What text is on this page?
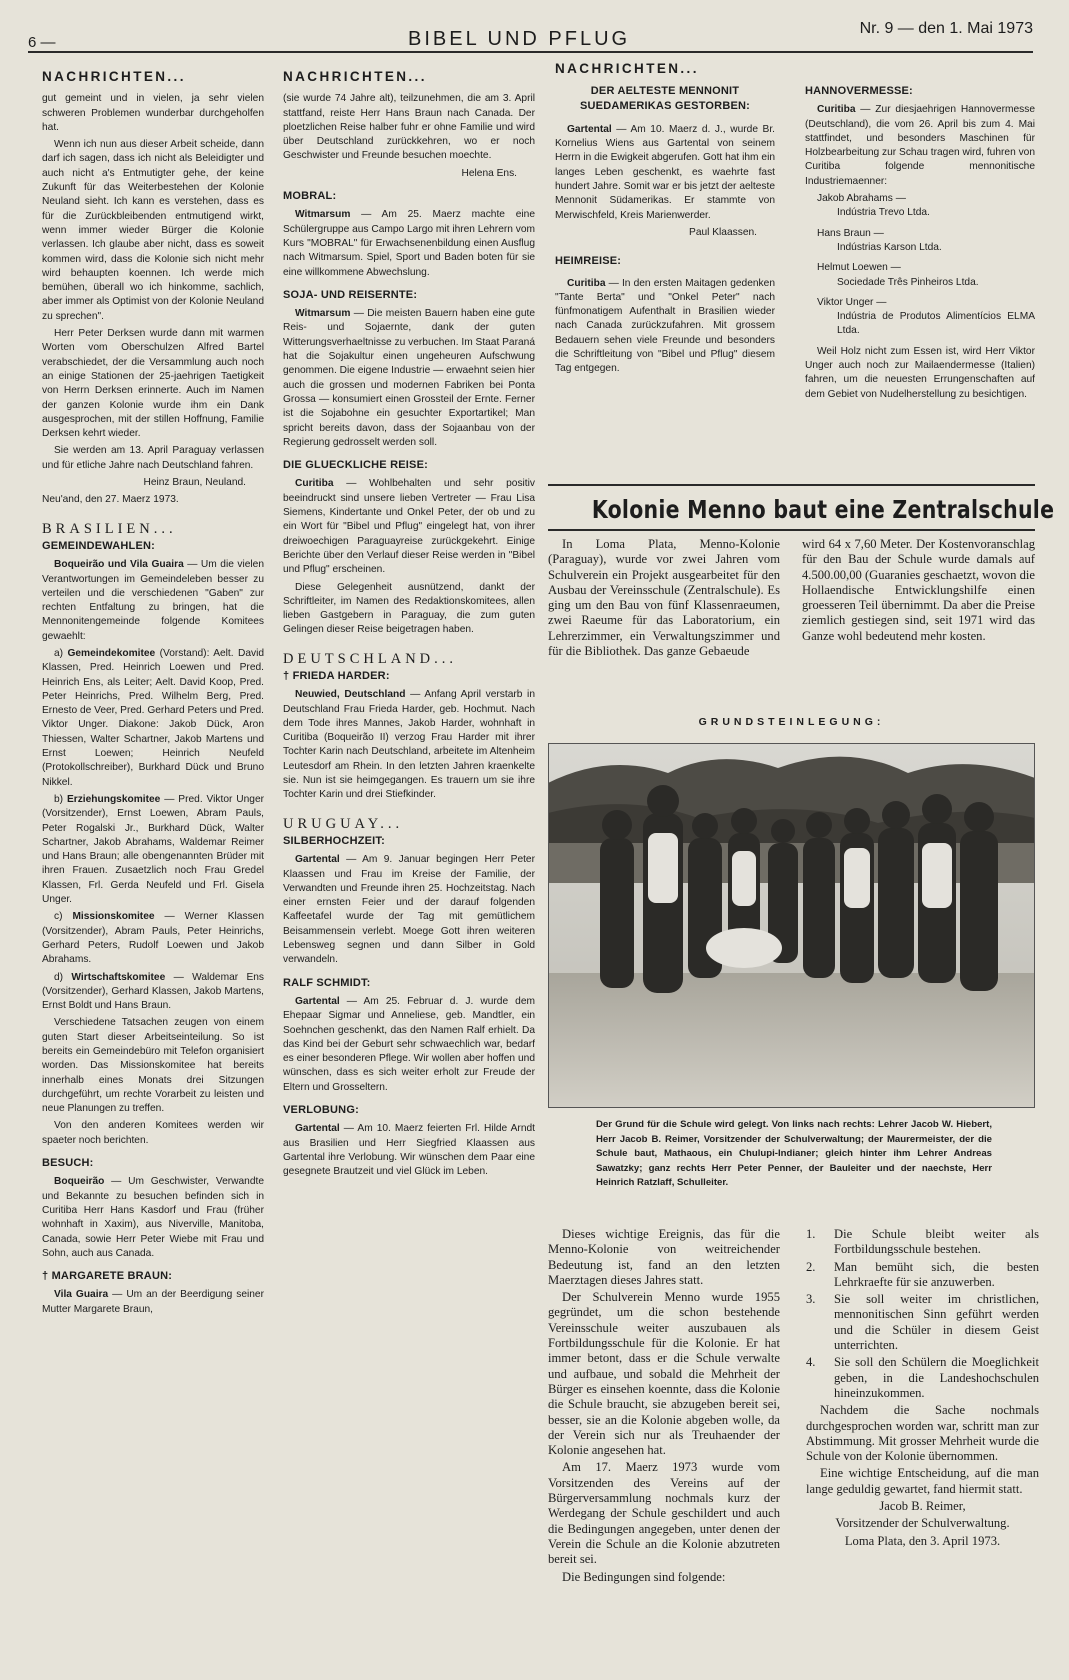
6 —	BIBEL UND PFLUG	Nr. 9 — den 1. Mai 1973
NACHRICHTEN...

gut gemeint und in vielen, ja sehr vielen schweren Problemen wunderbar durchgeholfen hat.

Wenn ich nun aus dieser Arbeit scheide, dann darf ich sagen, dass ich nicht als Beleidigter und auch nicht a's Entmutigter gehe, der keine Zukunft für das Weiterbestehen der Kolonie Neuland sieht. Ich kann es verstehen, dass es für die Zurückbleibenden entmutigend wirkt, wenn immer wieder Bürger die Kolonie verlassen. Ich glaube aber nicht, dass es soweit kommen wird, dass die Kolonie sich nicht mehr wird behaupten koennen. Ich werde mich bemühen, überall wo ich hinkomme, sachlich, aber immer als Optimist von der Kolonie Neuland zu sprechen".

Herr Peter Derksen wurde dann mit warmen Worten vom Oberschulzen Alfred Bartel verabschiedet, der die Versammlung auch noch an einige Stationen der 25-jaehrigen Taetigkeit von Herrn Derksen erinnerte. Auch im Namen der ganzen Kolonie wurde ihm ein Dank ausgesprochen, mit der stillen Hoffnung, Familie Derksen kehrt wieder.

Sie werden am 13. April Paraguay verlassen und für etliche Jahre nach Deutschland fahren.

Heinz Braun, Neuland.

Neu'and, den 27. Maerz 1973.

BRASILIEN...
GEMEINDEWAHLEN:

Boqueirão und Vila Guaira — Um die vielen Verantwortungen im Gemeindeleben besser zu verteilen und die verschiedenen "Gaben" zur rechten Entfaltung zu bringen, hat die Mennonitengemeinde folgende Komitees gewaehlt:

a) Gemeindekomitee (Vorstand): Aelt. David Klassen, Pred. Heinrich Loewen und Pred. Heinrich Ens, als Leiter; Aelt. David Koop, Pred. Peter Heinrichs, Pred. Wilhelm Berg, Pred. Ernesto de Veer, Pred. Gerhard Peters und Pred. Viktor Unger. Diakone: Jakob Dück, Aron Thiessen, Walter Schartner, Jakob Martens und Ernst Loewen; Heinrich Neufeld (Protokollschreiber), Burkhard Dück und Bruno Nikkel.

b) Erziehungskomitee — Pred. Viktor Unger (Vorsitzender), Ernst Loewen, Abram Pauls, Peter Rogalski Jr., Burkhard Dück, Walter Schartner, Jakob Abrahams, Waldemar Reimer und Hans Braun; alle obengenannten Brüder mit ihren Frauen. Zusaetzlich noch Frau Gredel Klassen, Frl. Gerda Neufeld und Frl. Gisela Unger.

c) Missionskomitee — Werner Klassen (Vorsitzender), Abram Pauls, Peter Heinrichs, Gerhard Peters, Rudolf Loewen und Jakob Abrahams.

d) Wirtschaftskomitee — Waldemar Ens (Vorsitzender), Gerhard Klassen, Jakob Martens, Ernst Boldt und Hans Braun.

Verschiedene Tatsachen zeugen von einem guten Start dieser Arbeitseinteilung. So ist bereits ein Gemeindebüro mit Telefon organisiert worden. Das Missionskomitee hat bereits innerhalb eines Monats drei Sitzungen durchgeführt, um rechte Vorarbeit zu leisten und neue Planungen zu treffen.

Von den anderen Komitees werden wir spaeter noch berichten.

BESUCH:

Boqueirão — Um Geschwister, Verwandte und Bekannte zu besuchen befinden sich in Curitiba Herr Hans Kasdorf und Frau (früher wohnhaft in Xaxim), aus Niverville, Manitoba, Canada, sowie Herr Peter Wiebe mit Frau und Sohn, auch aus Canada.

† MARGARETE BRAUN:

Vila Guaira — Um an der Beerdigung seiner Mutter Margarete Braun,

NACHRICHTEN...

(sie wurde 74 Jahre alt), teilzunehmen, die am 3. April stattfand, reiste Herr Hans Braun nach Canada. Der ploetzlichen Reise halber fuhr er ohne Familie und wird über Deutschland zurückkehren, wo er noch Geschwister und Freunde besuchen moechte.

Helena Ens.

MOBRAL:

Witmarsum — Am 25. Maerz machte eine Schülergruppe aus Campo Largo mit ihren Lehrern vom Kurs "MOBRAL" für Erwachsenenbildung einen Ausflug nach Witmarsum. Spiel, Sport und Baden boten für sie eine willkommene Abwechslung.

SOJA- UND REISERNTE:

Witmarsum — Die meisten Bauern haben eine gute Reis- und Sojaernte, dank der guten Witterungsverhaeltnisse zu verbuchen. Im Staat Paraná hat die Sojakultur einen ungeheuren Aufschwung genommen. Die eigene Industrie — erwaehnt seien hier auch die grossen und modernen Fabriken bei Ponta Grossa — konsumiert einen Grossteil der Ernte. Ferner ist die Sojabohne ein gesuchter Exportartikel; Man spricht bereits davon, dass der Sojaanbau von der Regierung gedrosselt werden soll.

DIE GLUECKLICHE REISE:

Curitiba — Wohlbehalten und sehr positiv beeindruckt sind unsere lieben Vertreter — Frau Lisa Siemens, Kindertante und Onkel Peter, der ob und zu ein Wort für "Bibel und Pflug" eingelegt hat, von ihrer dreiwoechigen Paraguayreise zurückgekehrt. Einige Berichte über den Verlauf dieser Reise werden in "Bibel und Pflug" erscheinen.

Diese Gelegenheit ausnützend, dankt der Schriftleiter, im Namen des Redaktionskomitees, allen lieben Gastgebern in Paraguay, die zum guten Gelingen dieser Reise beigetragen haben.

DEUTSCHLAND...
† FRIEDA HARDER:

Neuwied, Deutschland — Anfang April verstarb in Deutschland Frau Frieda Harder, geb. Hochmut. Nach dem Tode ihres Mannes, Jakob Harder, wohnhaft in Curitiba (Boqueirão II) verzog Frau Harder mit ihrer Tochter Karin nach Deutschland, arbeitete im Altenheim Leutesdorf am Rhein. In den letzten Jahren kraenkelte sie. Nun ist sie heimgegangen. Es trauern um sie ihre Tochter Karin und drei Stiefkinder.

URUGUAY...
SILBERHOCHZEIT:

Gartental — Am 9. Januar begingen Herr Peter Klaassen und Frau im Kreise der Familie, der Verwandten und Freunde ihren 25. Hochzeitstag. Nach einer ernsten Feier und der darauf folgenden Kaffeetafel wurde der Tag mit gemütlichem Beisammensein verlebt. Moege Gott ihren weiteren Lebensweg segnen und dann Silber in Gold verwandeln.

RALF SCHMIDT:

Gartental — Am 25. Februar d. J. wurde dem Ehepaar Sigmar und Anneliese, geb. Mandtler, ein Soehnchen geschenkt, das den Namen Ralf erhielt. Da das Kind bei der Geburt sehr schwaechlich war, bedarf es einer besonderen Pflege. Wir wollen aber hoffen und wünschen, dass es sich weiter erholt zur Freude der Eltern und Grosseltern.

VERLOBUNG:

Gartental — Am 10. Maerz feierten Frl. Hilde Arndt aus Brasilien und Herr Siegfried Klaassen aus Gartental ihre Verlobung. Wir wünschen dem Paar eine gesegnete Brautzeit und viel Glück im Leben.

NACHRICHTEN...
DER AELTESTE MENNONIT SUEDAMERIKAS GESTORBEN:

Gartental — Am 10. Maerz d. J., wurde Br. Kornelius Wiens aus Gartental von seinem Herrn in die Ewigkeit abgerufen. Gott hat ihm ein langes Leben geschenkt, es waehrte fast hundert Jahre. Somit war er bis jetzt der aelteste Mennonit Südamerikas. Er stammte von Merwischfeld, Kreis Marienwerder.

Paul Klaassen.

HEIMREISE:

Curitiba — In den ersten Maitagen gedenken "Tante Berta" und "Onkel Peter" nach fünfmonatigem Aufenthalt in Brasilien wieder nach Canada zurückzufahren. Mit grossem Bedauern sehen viele Freunde und besonders die Schriftleitung von "Bibel und Pflug" diesem Tag entgegen.

HANNOVERMESSE:

Curitiba — Zur diesjaehrigen Hannovermesse (Deutschland), die vom 26. April bis zum 4. Mai stattfindet, und besonders Maschinen für Holzbearbeitung zur Schau tragen wird, fuhren von Curitiba folgende mennonitische Industriemaenner:

Jakob Abrahams —

Indústria Trevo Ltda.

Hans Braun —

Indústrias Karson Ltda.

Helmut Loewen —

Sociedade Três Pinheiros Ltda.

Viktor Unger —

Indústria de Produtos Alimentícios ELMA Ltda.

Weil Holz nicht zum Essen ist, wird Herr Viktor Unger auch noch zur Mailaendermesse (Italien) fahren, um die neuesten Errungenschaften auf dem Gebiet von Nudelherstellung zu besichtigen.

Kolonie Menno baut eine Zentralschule

In Loma Plata, Menno-Kolonie (Paraguay), wurde vor zwei Jahren vom Schulverein ein Projekt ausgearbeitet für den Ausbau der Vereinsschule (Zentralschule). Es ging um den Bau von fünf Klassenraeumen, zwei Raeume für das Laboratorium, ein Lehrerzimmer, ein Verwaltungszimmer und für die Bibliothek. Das ganze Gebaeude

wird 64 x 7,60 Meter. Der Kostenvoranschlag für den Bau der Schule wurde damals auf 4.500.00,00 (Guaranies geschaetzt, wovon die Hollaendische Entwicklungshilfe einen groesseren Teil übernimmt. Da aber die Preise ziemlich gestiegen sind, seit 1971 wird das Ganze wohl bedeutend mehr kosten.

GRUNDSTEINLEGUNG:
Der Grund für die Schule wird gelegt. Von links nach rechts: Lehrer Jacob W. Hiebert, Herr Jacob B. Reimer, Vorsitzender der Schulverwaltung; der Maurermeister, der die Schule baut, Mathaous, ein Chulupi-Indianer; gleich hinter ihm Lehrer Andreas Sawatzky; ganz rechts Herr Peter Penner, der Bauleiter und der naechste, Herr Heinrich Ratzlaff, Schulleiter.

Dieses wichtige Ereignis, das für die Menno-Kolonie von weitreichender Bedeutung ist, fand an den letzten Maerztagen dieses Jahres statt.

Der Schulverein Menno wurde 1955 gegründet, um die schon bestehende Vereinsschule weiter auszubauen als Fortbildungsschule für die Kolonie. Er hat immer betont, dass er die Schule verwalte und aufbaue, und sobald die Mehrheit der Bürger es einsehen koennte, dass die Kolonie die Schule braucht, sie abzugeben bereit sei, besser, sie an die Kolonie abgeben wolle, da der Verein sich nur als Treuhaender der Kolonie angesehen hat.

Am 17. Maerz 1973 wurde vom Vorsitzenden des Vereins auf der Bürgerversammlung nochmals kurz der Werdegang der Schule geschildert und auch die Bedingungen angegeben, unter denen der Verein die Schule an die Kolonie abzutreten bereit sei.

Die Bedingungen sind folgende:

1.	Die Schule bleibt weiter als Fortbildungsschule bestehen.
2.	Man bemüht sich, die besten Lehrkraefte für sie anzuwerben.
3.	Sie soll weiter im christlichen, mennonitischen Sinn geführt werden und die Schüler in diesem Geist unterrichten.
4.	Sie soll den Schülern die Moeglichkeit geben, in die Landeshochschulen hineinzukommen.

Nachdem die Sache nochmals durchgesprochen worden war, schritt man zur Abstimmung. Mit grosser Mehrheit wurde die Schule von der Kolonie übernommen.

Eine wichtige Entscheidung, auf die man lange geduldig gewartet, fand hiermit statt.

Jacob B. Reimer,

Vorsitzender der Schulverwaltung.

Loma Plata, den 3. April 1973.
